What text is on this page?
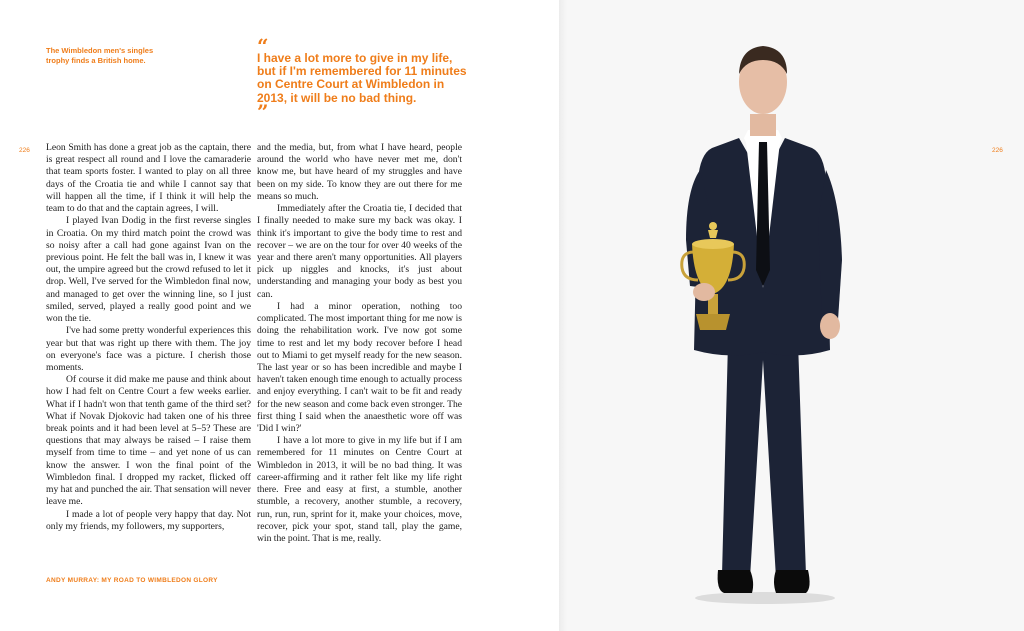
The Wimbledon men's singles trophy finds a British home.
“
I have a lot more to give in my life, but if I'm remembered for 11 minutes on Centre Court at Wimbledon in 2013, it will be no bad thing.
”
226	226

Leon Smith has done a great job as the captain, there is great respect all round and I love the camaraderie that team sports foster. I wanted to play on all three days of the Croatia tie and while I cannot say that will happen all the time, if I think it will help the team to do that and the captain agrees, I will.

I played Ivan Dodig in the first reverse singles in Croatia. On my third match point the crowd was so noisy after a call had gone against Ivan on the previous point. He felt the ball was in, I knew it was out, the umpire agreed but the crowd refused to let it drop. Well, I've served for the Wimbledon final now, and managed to get over the winning line, so I just smiled, served, played a really good point and we won the tie.

I've had some pretty wonderful experiences this year but that was right up there with them. The joy on everyone's face was a picture. I cherish those moments.

Of course it did make me pause and think about how I had felt on Centre Court a few weeks earlier. What if I hadn't won that tenth game of the third set? What if Novak Djokovic had taken one of his three break points and it had been level at 5–5? These are questions that may always be raised – I raise them myself from time to time – and yet none of us can know the answer. I won the final point of the Wimbledon final. I dropped my racket, flicked off my hat and punched the air. That sensation will never leave me.

I made a lot of people very happy that day. Not only my friends, my followers, my supporters,

and the media, but, from what I have heard, people around the world who have never met me, don't know me, but have heard of my struggles and have been on my side. To know they are out there for me means so much.

Immediately after the Croatia tie, I decided that I finally needed to make sure my back was okay. I think it's important to give the body time to rest and recover – we are on the tour for over 40 weeks of the year and there aren't many opportunities. All players pick up niggles and knocks, it's just about understanding and managing your body as best you can.

I had a minor operation, nothing too complicated. The most important thing for me now is doing the rehabilitation work. I've now got some time to rest and let my body recover before I head out to Miami to get myself ready for the new season. The last year or so has been incredible and maybe I haven't taken enough time enough to actually process and enjoy everything. I can't wait to be fit and ready for the new season and come back even stronger. The first thing I said when the anaesthetic wore off was 'Did I win?'

I have a lot more to give in my life but if I am remembered for 11 minutes on Centre Court at Wimbledon in 2013, it will be no bad thing. It was career-affirming and it rather felt like my life right there. Free and easy at first, a stumble, another stumble, a recovery, another stumble, a recovery, run, run, run, sprint for it, make your choices, move, recover, pick your spot, stand tall, play the game, win the point. That is me, really.

ANDY MURRAY: MY ROAD TO WIMBLEDON GLORY
